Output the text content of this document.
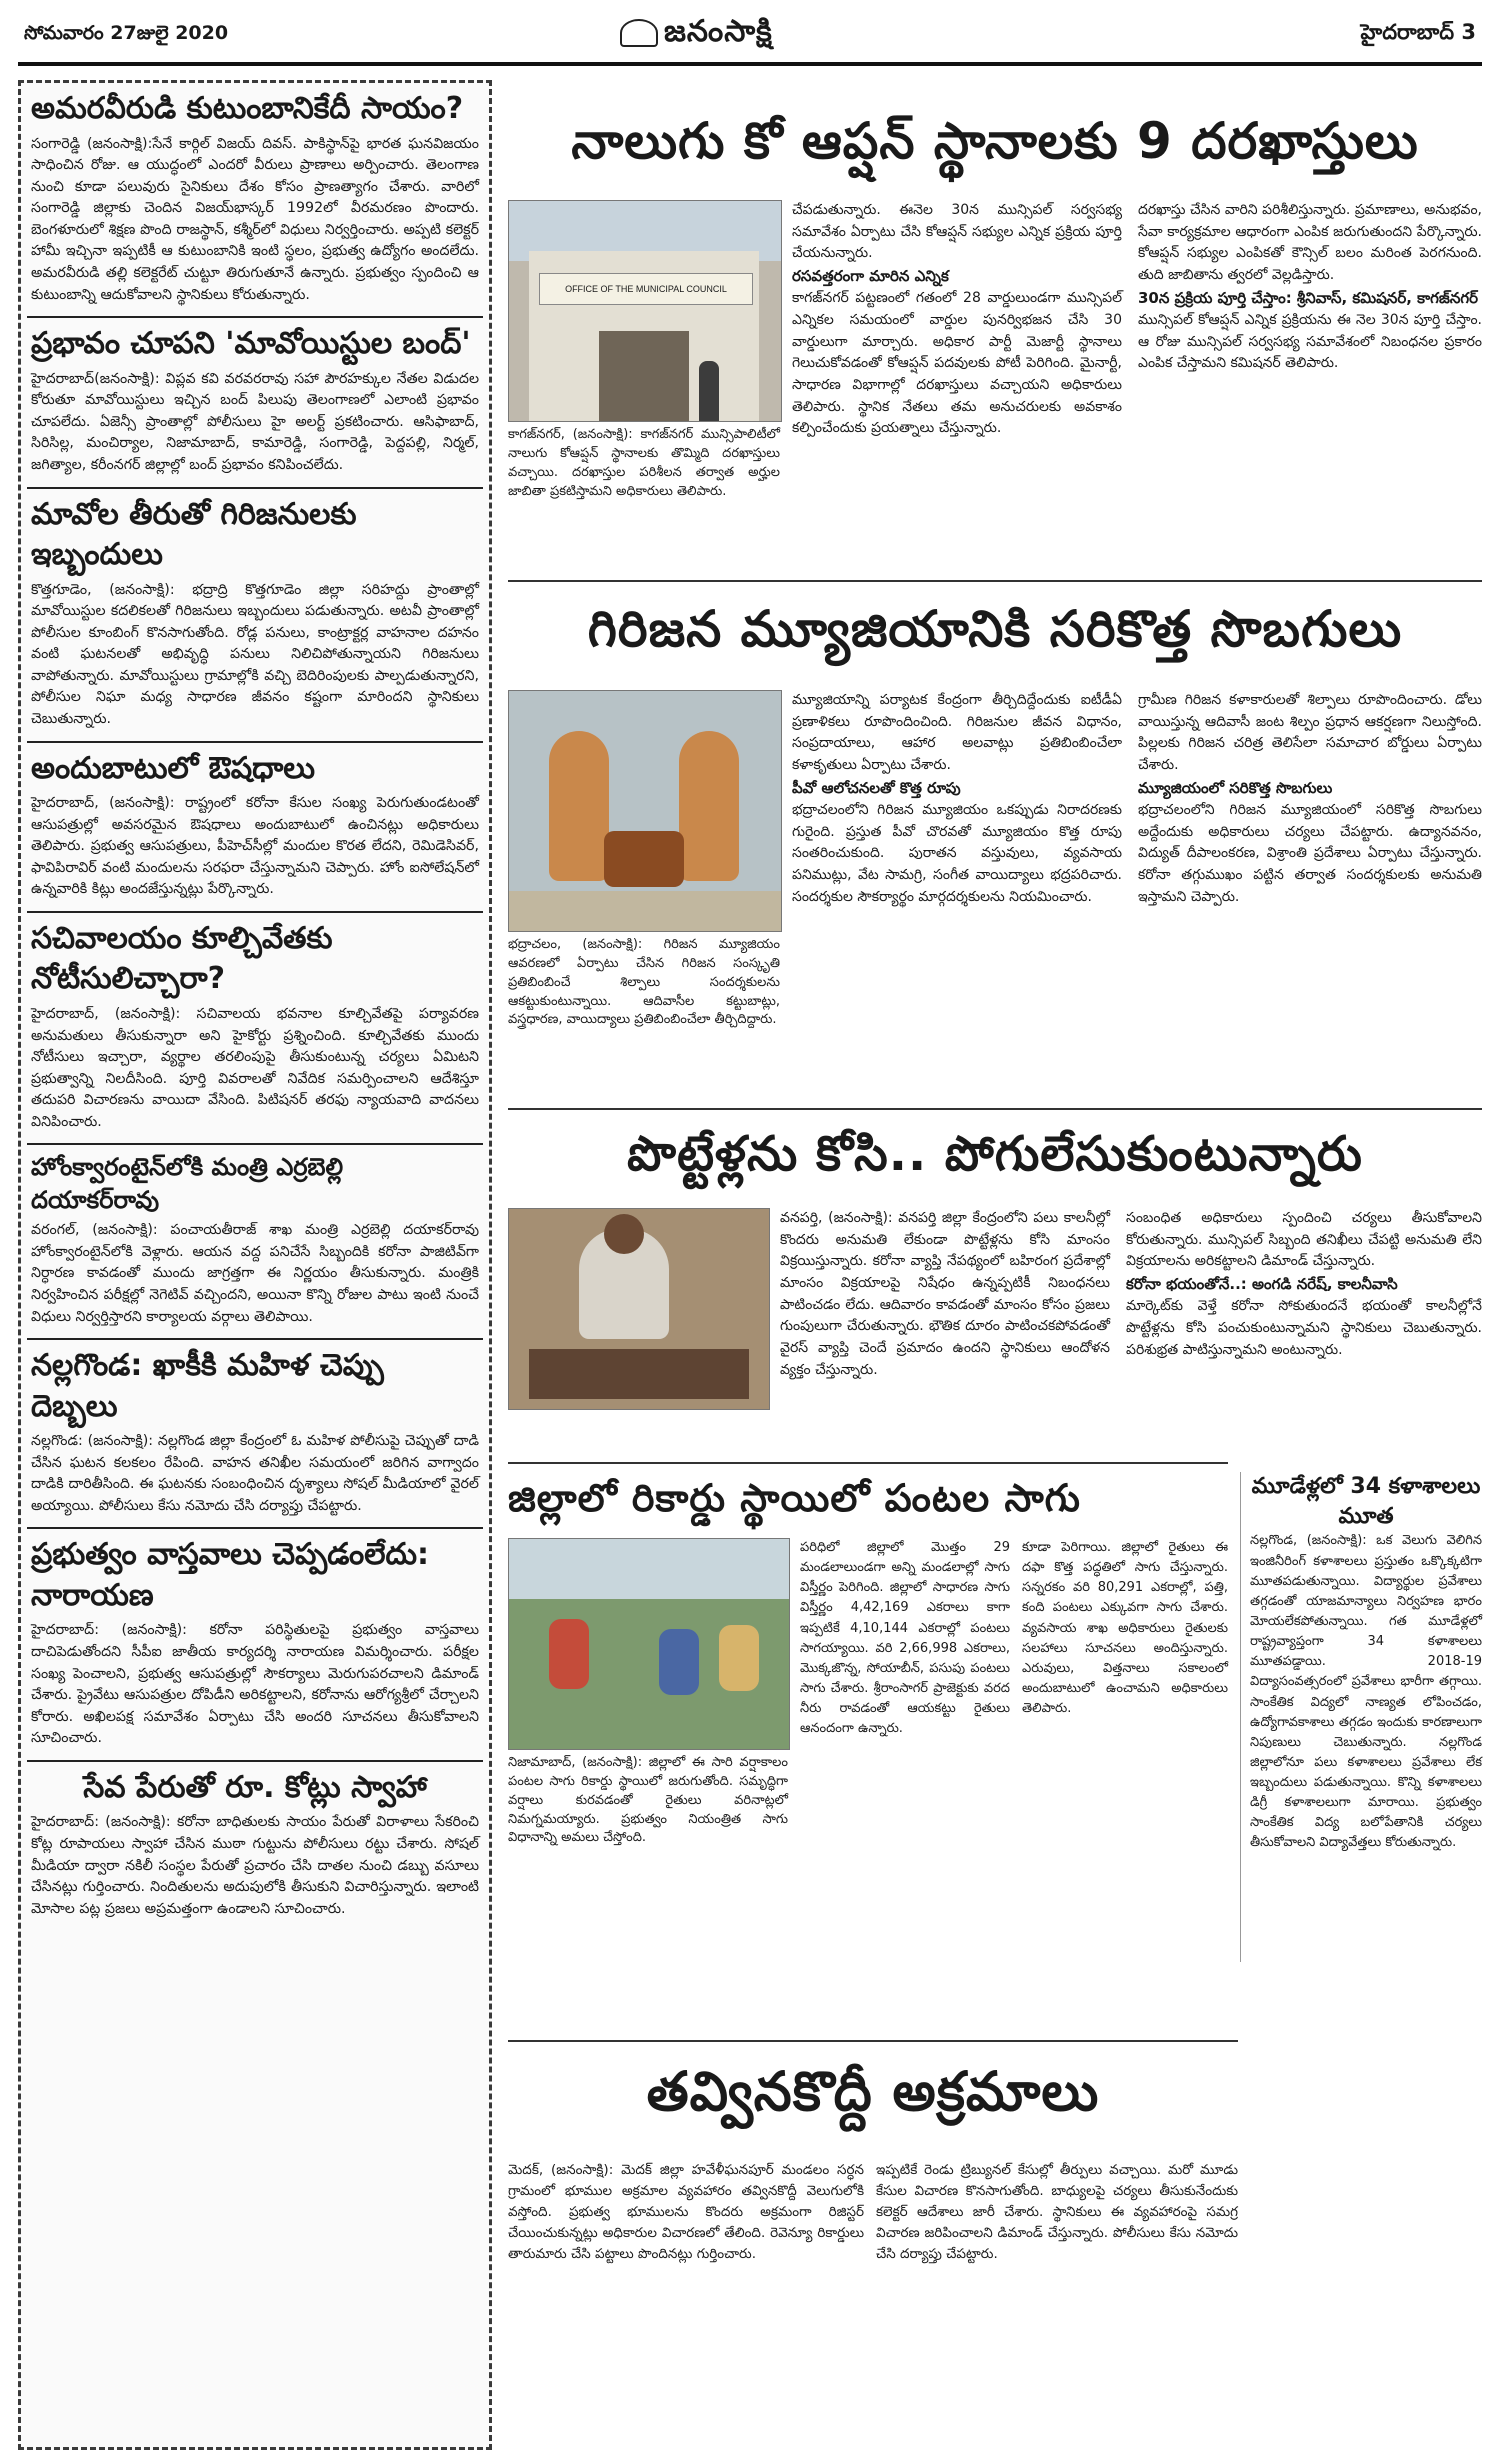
సోమవారం 27జులై 2020	జనంసాక్షి	హైదరాబాద్ 3
అమరవీరుడి కుటుంబానికేదీ సాయం?
సంగారెడ్డి (జనంసాక్షి):సేనే కార్గిల్ విజయ్ దివస్. పాకిస్థాన్‌పై భారత ఘనవిజయం సాధించిన రోజు. ఆ యుద్ధంలో ఎందరో వీరులు ప్రాణాలు అర్పించారు. తెలంగాణ నుంచి కూడా పలువురు సైనికులు దేశం కోసం ప్రాణత్యాగం చేశారు. వారిలో సంగారెడ్డి జిల్లాకు చెందిన విజయ్‌భాస్కర్ 1992లో వీరమరణం పొందారు. బెంగళూరులో శిక్షణ పొంది రాజస్థాన్, కశ్మీర్‌లో విధులు నిర్వర్తించారు. అప్పటి కలెక్టర్ హామీ ఇచ్చినా ఇప్పటికీ ఆ కుటుంబానికి ఇంటి స్థలం, ప్రభుత్వ ఉద్యోగం అందలేదు. అమరవీరుడి తల్లి కలెక్టరేట్ చుట్టూ తిరుగుతూనే ఉన్నారు. ప్రభుత్వం స్పందించి ఆ కుటుంబాన్ని ఆదుకోవాలని స్థానికులు కోరుతున్నారు.
ప్రభావం చూపని 'మావోయిస్టుల బంద్'
హైదరాబాద్‌(జనంసాక్షి): విప్లవ కవి వరవరరావు సహా పౌరహక్కుల నేతల విడుదల కోరుతూ మావోయిస్టులు ఇచ్చిన బంద్ పిలుపు తెలంగాణలో ఎలాంటి ప్రభావం చూపలేదు. ఏజెన్సీ ప్రాంతాల్లో పోలీసులు హై అలర్ట్ ప్రకటించారు. ఆసిఫాబాద్, సిరిసిల్ల, మంచిర్యాల, నిజామాబాద్, కామారెడ్డి, సంగారెడ్డి, పెద్దపల్లి, నిర్మల్, జగిత్యాల, కరీంనగర్ జిల్లాల్లో బంద్ ప్రభావం కనిపించలేదు.
మావోల తీరుతో గిరిజనులకు ఇబ్బందులు
కొత్తగూడెం, (జనంసాక్షి): భద్రాద్రి కొత్తగూడెం జిల్లా సరిహద్దు ప్రాంతాల్లో మావోయిస్టుల కదలికలతో గిరిజనులు ఇబ్బందులు పడుతున్నారు. అటవీ ప్రాంతాల్లో పోలీసుల కూంబింగ్ కొనసాగుతోంది. రోడ్ల పనులు, కాంట్రాక్టర్ల వాహనాల దహనం వంటి ఘటనలతో అభివృద్ధి పనులు నిలిచిపోతున్నాయని గిరిజనులు వాపోతున్నారు. మావోయిస్టులు గ్రామాల్లోకి వచ్చి బెదిరింపులకు పాల్పడుతున్నారని, పోలీసుల నిఘా మధ్య సాధారణ జీవనం కష్టంగా మారిందని స్థానికులు చెబుతున్నారు.
అందుబాటులో ఔషధాలు
హైదరాబాద్, (జనంసాక్షి): రాష్ట్రంలో కరోనా కేసుల సంఖ్య పెరుగుతుండటంతో ఆసుపత్రుల్లో అవసరమైన ఔషధాలు అందుబాటులో ఉంచినట్లు అధికారులు తెలిపారు. ప్రభుత్వ ఆసుపత్రులు, పీహెచ్‌సీల్లో మందుల కొరత లేదని, రెమిడెసివర్, ఫావిపిరావిర్ వంటి మందులను సరఫరా చేస్తున్నామని చెప్పారు. హోం ఐసోలేషన్‌లో ఉన్నవారికి కిట్లు అందజేస్తున్నట్లు పేర్కొన్నారు.
సచివాలయం కూల్చివేతకు నోటీసులిచ్చారా?
హైదరాబాద్, (జనంసాక్షి): సచివాలయ భవనాల కూల్చివేతపై పర్యావరణ అనుమతులు తీసుకున్నారా అని హైకోర్టు ప్రశ్నించింది. కూల్చివేతకు ముందు నోటీసులు ఇచ్చారా, వ్యర్థాల తరలింపుపై తీసుకుంటున్న చర్యలు ఏమిటని ప్రభుత్వాన్ని నిలదీసింది. పూర్తి వివరాలతో నివేదిక సమర్పించాలని ఆదేశిస్తూ తదుపరి విచారణను వాయిదా వేసింది. పిటిషనర్ తరఫు న్యాయవాది వాదనలు వినిపించారు.
హోంక్వారంటైన్‌లోకి మంత్రి ఎర్రబెల్లి దయాకర్‌రావు
వరంగల్, (జనంసాక్షి): పంచాయతీరాజ్ శాఖ మంత్రి ఎర్రబెల్లి దయాకర్‌రావు హోంక్వారంటైన్‌లోకి వెళ్లారు. ఆయన వద్ద పనిచేసే సిబ్బందికి కరోనా పాజిటివ్‌గా నిర్ధారణ కావడంతో ముందు జాగ్రత్తగా ఈ నిర్ణయం తీసుకున్నారు. మంత్రికి నిర్వహించిన పరీక్షల్లో నెగెటివ్ వచ్చిందని, అయినా కొన్ని రోజుల పాటు ఇంటి నుంచే విధులు నిర్వర్తిస్తారని కార్యాలయ వర్గాలు తెలిపాయి.
నల్లగొండ: ఖాకీకి మహిళ చెప్పు దెబ్బలు
నల్లగొండ: (జనంసాక్షి): నల్లగొండ జిల్లా కేంద్రంలో ఓ మహిళ పోలీసుపై చెప్పుతో దాడి చేసిన ఘటన కలకలం రేపింది. వాహన తనిఖీల సమయంలో జరిగిన వాగ్వాదం దాడికి దారితీసింది. ఈ ఘటనకు సంబంధించిన దృశ్యాలు సోషల్ మీడియాలో వైరల్ అయ్యాయి. పోలీసులు కేసు నమోదు చేసి దర్యాప్తు చేపట్టారు.
ప్రభుత్వం వాస్తవాలు చెప్పడంలేదు: నారాయణ
హైదరాబాద్: (జనంసాక్షి): కరోనా పరిస్థితులపై ప్రభుత్వం వాస్తవాలు దాచిపెడుతోందని సీపీఐ జాతీయ కార్యదర్శి నారాయణ విమర్శించారు. పరీక్షల సంఖ్య పెంచాలని, ప్రభుత్వ ఆసుపత్రుల్లో సౌకర్యాలు మెరుగుపరచాలని డిమాండ్ చేశారు. ప్రైవేటు ఆసుపత్రుల దోపిడీని అరికట్టాలని, కరోనాను ఆరోగ్యశ్రీలో చేర్చాలని కోరారు. అఖిలపక్ష సమావేశం ఏర్పాటు చేసి అందరి సూచనలు తీసుకోవాలని సూచించారు.
సేవ పేరుతో రూ. కోట్లు స్వాహా
హైదరాబాద్: (జనంసాక్షి): కరోనా బాధితులకు సాయం పేరుతో విరాళాలు సేకరించి కోట్ల రూపాయలు స్వాహా చేసిన ముఠా గుట్టును పోలీసులు రట్టు చేశారు. సోషల్ మీడియా ద్వారా నకిలీ సంస్థల పేరుతో ప్రచారం చేసి దాతల నుంచి డబ్బు వసూలు చేసినట్లు గుర్తించారు. నిందితులను అదుపులోకి తీసుకుని విచారిస్తున్నారు. ఇలాంటి మోసాల పట్ల ప్రజలు అప్రమత్తంగా ఉండాలని సూచించారు.
నాలుగు కో ఆప్షన్ స్థానాలకు 9 దరఖాస్తులు
OFFICE OF THE MUNICIPAL COUNCIL
కాగజ్‌నగర్, (జనంసాక్షి): కాగజ్‌నగర్ మున్సిపాలిటీలో నాలుగు కోఆప్షన్ స్థానాలకు తొమ్మిది దరఖాస్తులు వచ్చాయి. దరఖాస్తుల పరిశీలన తర్వాత అర్హుల జాబితా ప్రకటిస్తామని అధికారులు తెలిపారు.
చేపడుతున్నారు. ఈనెల 30న మున్సిపల్ సర్వసభ్య సమావేశం ఏర్పాటు చేసి కోఆప్షన్ సభ్యుల ఎన్నిక ప్రక్రియ పూర్తి చేయనున్నారు.
రసవత్తరంగా మారిన ఎన్నిక
కాగజ్‌నగర్ పట్టణంలో గతంలో 28 వార్డులుండగా మున్సిపల్ ఎన్నికల సమయంలో వార్డుల పునర్విభజన చేసి 30 వార్డులుగా మార్చారు. అధికార పార్టీ మెజార్టీ స్థానాలు గెలుచుకోవడంతో కోఆప్షన్ పదవులకు పోటీ పెరిగింది. మైనార్టీ, సాధారణ విభాగాల్లో దరఖాస్తులు వచ్చాయని అధికారులు తెలిపారు. స్థానిక నేతలు తమ అనుచరులకు అవకాశం కల్పించేందుకు ప్రయత్నాలు చేస్తున్నారు.
దరఖాస్తు చేసిన వారిని పరిశీలిస్తున్నారు. ప్రమాణాలు, అనుభవం, సేవా కార్యక్రమాల ఆధారంగా ఎంపిక జరుగుతుందని పేర్కొన్నారు. కోఆప్షన్ సభ్యుల ఎంపికతో కౌన్సిల్ బలం మరింత పెరగనుంది. తుది జాబితాను త్వరలో వెల్లడిస్తారు.
30న ప్రక్రియ పూర్తి చేస్తాం: శ్రీనివాస్, కమిషనర్, కాగజ్‌నగర్
మున్సిపల్ కోఆప్షన్ ఎన్నిక ప్రక్రియను ఈ నెల 30న పూర్తి చేస్తాం. ఆ రోజు మున్సిపల్ సర్వసభ్య సమావేశంలో నిబంధనల ప్రకారం ఎంపిక చేస్తామని కమిషనర్ తెలిపారు.
గిరిజన మ్యూజియానికి సరికొత్త సొబగులు
భద్రాచలం, (జనంసాక్షి): గిరిజన మ్యూజియం ఆవరణలో ఏర్పాటు చేసిన గిరిజన సంస్కృతి ప్రతిబింబించే శిల్పాలు సందర్శకులను ఆకట్టుకుంటున్నాయి. ఆదివాసీల కట్టుబాట్లు, వస్త్రధారణ, వాయిద్యాలు ప్రతిబింబించేలా తీర్చిదిద్దారు.
మ్యూజియాన్ని పర్యాటక కేంద్రంగా తీర్చిదిద్దేందుకు ఐటీడీఏ ప్రణాళికలు రూపొందించింది. గిరిజనుల జీవన విధానం, సంప్రదాయాలు, ఆహార అలవాట్లు ప్రతిబింబించేలా కళాకృతులు ఏర్పాటు చేశారు.
పీవో ఆలోచనలతో కొత్త రూపు
భద్రాచలంలోని గిరిజన మ్యూజియం ఒకప్పుడు నిరాదరణకు గురైంది. ప్రస్తుత పీవో చొరవతో మ్యూజియం కొత్త రూపు సంతరించుకుంది. పురాతన వస్తువులు, వ్యవసాయ పనిముట్లు, వేట సామగ్రి, సంగీత వాయిద్యాలు భద్రపరిచారు. సందర్శకుల సౌకర్యార్థం మార్గదర్శకులను నియమించారు.
గ్రామీణ గిరిజన కళాకారులతో శిల్పాలు రూపొందించారు. డోలు వాయిస్తున్న ఆదివాసీ జంట శిల్పం ప్రధాన ఆకర్షణగా నిలుస్తోంది. పిల్లలకు గిరిజన చరిత్ర తెలిసేలా సమాచార బోర్డులు ఏర్పాటు చేశారు.
మ్యూజియంలో సరికొత్త సొబగులు
భద్రాచలంలోని గిరిజన మ్యూజియంలో సరికొత్త సొబగులు అద్దేందుకు అధికారులు చర్యలు చేపట్టారు. ఉద్యానవనం, విద్యుత్ దీపాలంకరణ, విశ్రాంతి ప్రదేశాలు ఏర్పాటు చేస్తున్నారు. కరోనా తగ్గుముఖం పట్టిన తర్వాత సందర్శకులకు అనుమతి ఇస్తామని చెప్పారు.
పొట్టేళ్లను కోసి.. పోగులేసుకుంటున్నారు
వనపర్తి, (జనంసాక్షి): వనపర్తి జిల్లా కేంద్రంలోని పలు కాలనీల్లో కొందరు అనుమతి లేకుండా పొట్టేళ్లను కోసి మాంసం విక్రయిస్తున్నారు. కరోనా వ్యాప్తి నేపథ్యంలో బహిరంగ ప్రదేశాల్లో మాంసం విక్రయాలపై నిషేధం ఉన్నప్పటికీ నిబంధనలు పాటించడం లేదు. ఆదివారం కావడంతో మాంసం కోసం ప్రజలు గుంపులుగా చేరుతున్నారు. భౌతిక దూరం పాటించకపోవడంతో వైరస్ వ్యాప్తి చెందే ప్రమాదం ఉందని స్థానికులు ఆందోళన వ్యక్తం చేస్తున్నారు.
సంబంధిత అధికారులు స్పందించి చర్యలు తీసుకోవాలని కోరుతున్నారు. మున్సిపల్ సిబ్బంది తనిఖీలు చేపట్టి అనుమతి లేని విక్రయాలను అరికట్టాలని డిమాండ్ చేస్తున్నారు.
కరోనా భయంతోనే..: అంగడి నరేష్, కాలనీవాసి
మార్కెట్‌కు వెళ్తే కరోనా సోకుతుందనే భయంతో కాలనీల్లోనే పొట్టేళ్లను కోసి పంచుకుంటున్నామని స్థానికులు చెబుతున్నారు. పరిశుభ్రత పాటిస్తున్నామని అంటున్నారు.
జిల్లాలో రికార్డు స్థాయిలో పంటల సాగు
నిజామాబాద్, (జనంసాక్షి): జిల్లాలో ఈ సారి వర్షాకాలం పంటల సాగు రికార్డు స్థాయిలో జరుగుతోంది. సమృద్ధిగా వర్షాలు కురవడంతో రైతులు వరినాట్లలో నిమగ్నమయ్యారు. ప్రభుత్వం నియంత్రిత సాగు విధానాన్ని అమలు చేస్తోంది.
పరిధిలో జిల్లాలో మొత్తం 29 మండలాలుండగా అన్ని మండలాల్లో సాగు విస్తీర్ణం పెరిగింది. జిల్లాలో సాధారణ సాగు విస్తీర్ణం 4,42,169 ఎకరాలు కాగా ఇప్పటికే 4,10,144 ఎకరాల్లో పంటలు సాగయ్యాయి. వరి 2,66,998 ఎకరాలు, మొక్కజొన్న, సోయాబీన్, పసుపు పంటలు సాగు చేశారు. శ్రీరాంసాగర్ ప్రాజెక్టుకు వరద నీరు రావడంతో ఆయకట్టు రైతులు ఆనందంగా ఉన్నారు.
కూడా పెరిగాయి. జిల్లాలో రైతులు ఈ దఫా కొత్త పద్ధతిలో సాగు చేస్తున్నారు. సన్నరకం వరి 80,291 ఎకరాల్లో, పత్తి, కంది పంటలు ఎక్కువగా సాగు చేశారు. వ్యవసాయ శాఖ అధికారులు రైతులకు సలహాలు సూచనలు అందిస్తున్నారు. ఎరువులు, విత్తనాలు సకాలంలో అందుబాటులో ఉంచామని అధికారులు తెలిపారు.
మూడేళ్లలో 34 కళాశాలలు మూత
నల్లగొండ, (జనంసాక్షి): ఒక వెలుగు వెలిగిన ఇంజినీరింగ్ కళాశాలలు ప్రస్తుతం ఒక్కొక్కటిగా మూతపడుతున్నాయి. విద్యార్థుల ప్రవేశాలు తగ్గడంతో యాజమాన్యాలు నిర్వహణ భారం మోయలేకపోతున్నాయి. గత మూడేళ్లలో రాష్ట్రవ్యాప్తంగా 34 కళాశాలలు మూతపడ్డాయి. 2018-19 విద్యాసంవత్సరంలో ప్రవేశాలు భారీగా తగ్గాయి. సాంకేతిక విద్యలో నాణ్యత లోపించడం, ఉద్యోగావకాశాలు తగ్గడం ఇందుకు కారణాలుగా నిపుణులు చెబుతున్నారు. నల్లగొండ జిల్లాలోనూ పలు కళాశాలలు ప్రవేశాలు లేక ఇబ్బందులు పడుతున్నాయి. కొన్ని కళాశాలలు డిగ్రీ కళాశాలలుగా మారాయి. ప్రభుత్వం సాంకేతిక విద్య బలోపేతానికి చర్యలు తీసుకోవాలని విద్యావేత్తలు కోరుతున్నారు.
తవ్వినకొద్దీ అక్రమాలు
మెదక్, (జనంసాక్షి): మెదక్ జిల్లా హవేళీఘనపూర్ మండలం సర్ధన గ్రామంలో భూముల అక్రమాల వ్యవహారం తవ్వినకొద్దీ వెలుగులోకి వస్తోంది. ప్రభుత్వ భూములను కొందరు అక్రమంగా రిజిస్టర్ చేయించుకున్నట్లు అధికారుల విచారణలో తేలింది. రెవెన్యూ రికార్డులు తారుమారు చేసి పట్టాలు పొందినట్లు గుర్తించారు.
ఇప్పటికే రెండు ట్రిబ్యునల్ కేసుల్లో తీర్పులు వచ్చాయి. మరో మూడు కేసుల విచారణ కొనసాగుతోంది. బాధ్యులపై చర్యలు తీసుకునేందుకు కలెక్టర్ ఆదేశాలు జారీ చేశారు. స్థానికులు ఈ వ్యవహారంపై సమగ్ర విచారణ జరిపించాలని డిమాండ్ చేస్తున్నారు. పోలీసులు కేసు నమోదు చేసి దర్యాప్తు చేపట్టారు.
